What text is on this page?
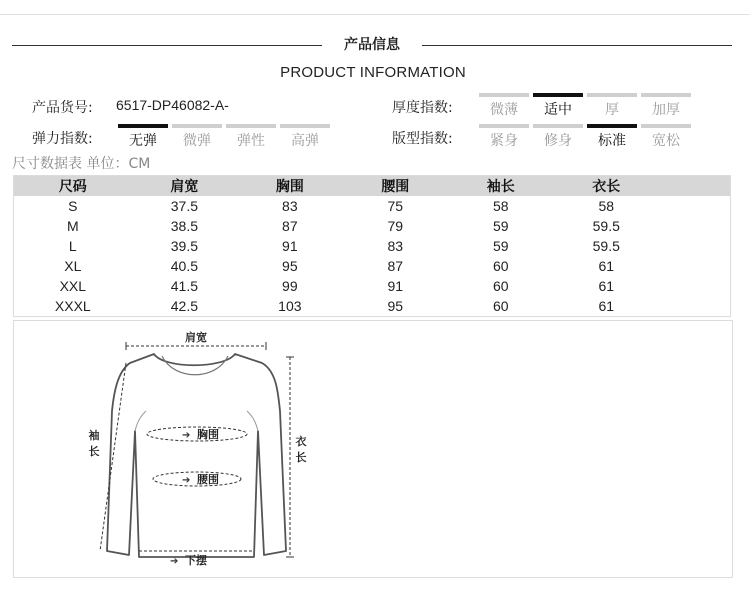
产品信息
PRODUCT INFORMATION
产品货号: 6517-DP46082-A-
弹力指数:	无弹	微弹	弹性	高弹
厚度指数:	微薄	适中	厚	加厚
版型指数:	紧身	修身	标准	宽松
尺寸数据表 单位：CM
尺码	肩宽	胸围	腰围	袖长	衣长	
S	37.5	83	75	58	58	
M	38.5	87	79	59	59.5	
L	39.5	91	83	59	59.5	
XL	40.5	95	87	60	61	
XXL	41.5	99	91	60	61	
XXXL	42.5	103	95	60	61	
肩宽
➔ 胸围
➔ 腰围
➔ 下摆
袖
长
衣
长
